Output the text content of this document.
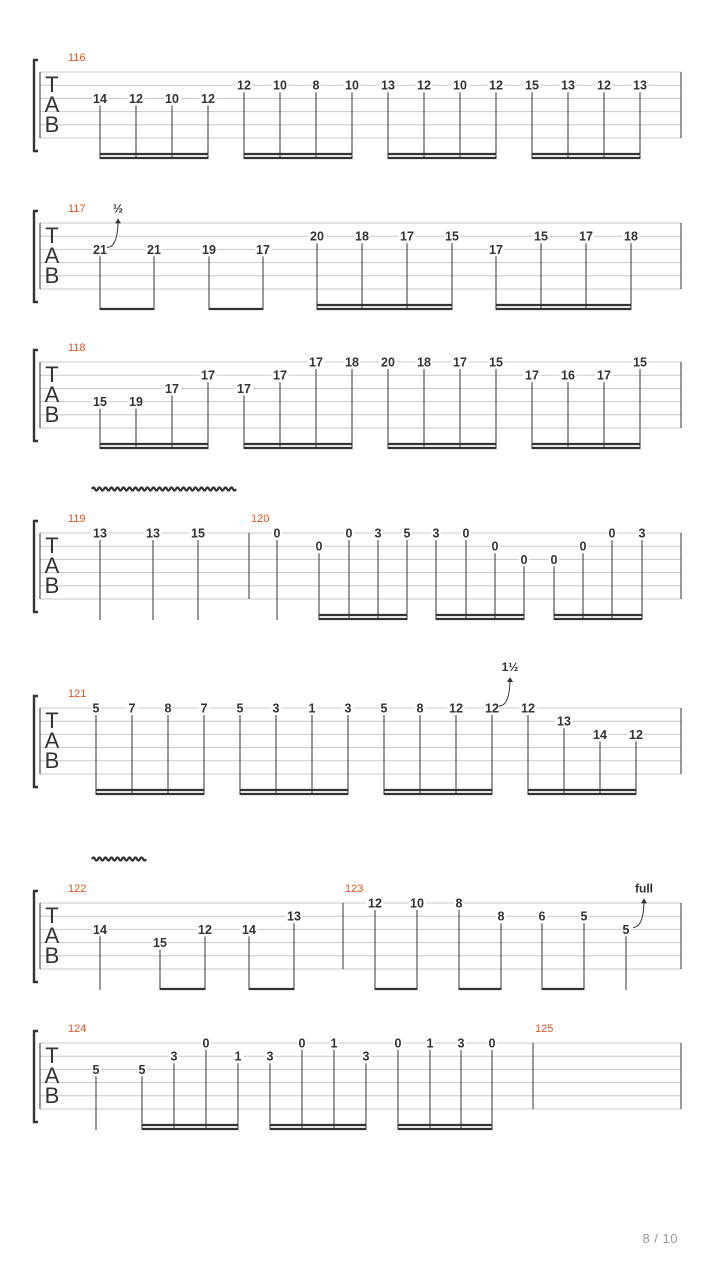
T
A
B
116
14 12 10 12
12 10 8 10 13 12 10 12 15 13 12 13
T
A
B
117
21
½
21	19	17
20 18 17 15
17
15 17 18
T
A
B
118
15 19
17
17
17
17
17 18 20 18 17 15
17 16 17
15
T
A
B
119
13	13 15
120
0
0
0 3 5 3 0
0
0 0
0
0 3
T
A
B
121
5 7 8 7 5 3 1 3 5 8 12 12
1½
12
13
14 12
T
A
B
122
14
15
12 14
13
123
12 10	8
8	6	5
5
full
T
A
B
124
5	5
3
0
1 3
0 1
3
0 1 3 0
125
8 / 10
